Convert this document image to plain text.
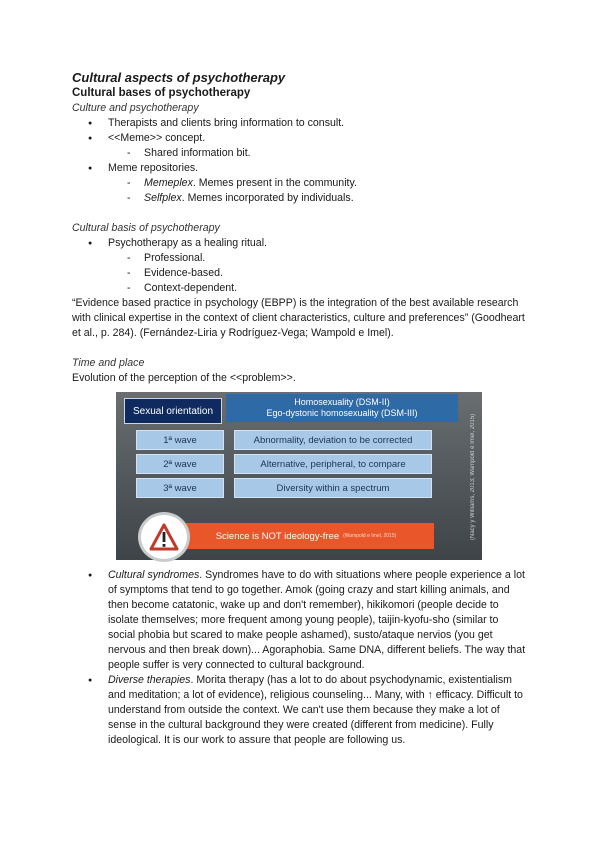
Cultural aspects of psychotherapy
Cultural bases of psychotherapy

Culture and psychotherapy

● Therapists and clients bring information to consult.
● <<Meme>> concept.
- Shared information bit.
● Meme repositories.
- Memeplex. Memes present in the community.
- Selfplex. Memes incorporated by individuals.

Cultural basis of psychotherapy

● Psychotherapy as a healing ritual.
- Professional.
- Evidence-based.
- Context-dependent.

“Evidence based practice in psychology (EBPP) is the integration of the best available research with clinical expertise in the context of client characteristics, culture and preferences” (Goodheart et al., p. 284). (Fernández-Liria y Rodríguez-Vega; Wampold e Imel).

Time and place

Evolution of the perception of the <<problem>>.

Sexual orientation
Homosexuality (DSM-II)
Ego-dystonic homosexuality (DSM-III)
1ª wave	Abnormality, deviation to be corrected
2ª wave	Alternative, peripheral, to compare
3ª wave	Diversity within a spectrum
Science is NOT ideology-free (Wampold e Imel, 2015)	(Nacy y Williams, 2013; Wampold e Imel, 2015)
● Cultural syndromes. Syndromes have to do with situations where people experience a lot of symptoms that tend to go together. Amok (going crazy and start killing animals, and then become catatonic, wake up and don't remember), hikikomori (people decide to isolate themselves; more frequent among young people), taijin-kyofu-sho (similar to social phobia but scared to make people ashamed), susto/ataque nervios (you get nervous and then break down)... Agoraphobia. Same DNA, different beliefs. The way that people suffer is very connected to cultural background.
● Diverse therapies. Morita therapy (has a lot to do about psychodynamic, existentialism and meditation; a lot of evidence), religious counseling... Many, with ↑ efficacy. Difficult to understand from outside the context. We can't use them because they make a lot of sense in the cultural background they were created (different from medicine). Fully ideological. It is our work to assure that people are following us.
